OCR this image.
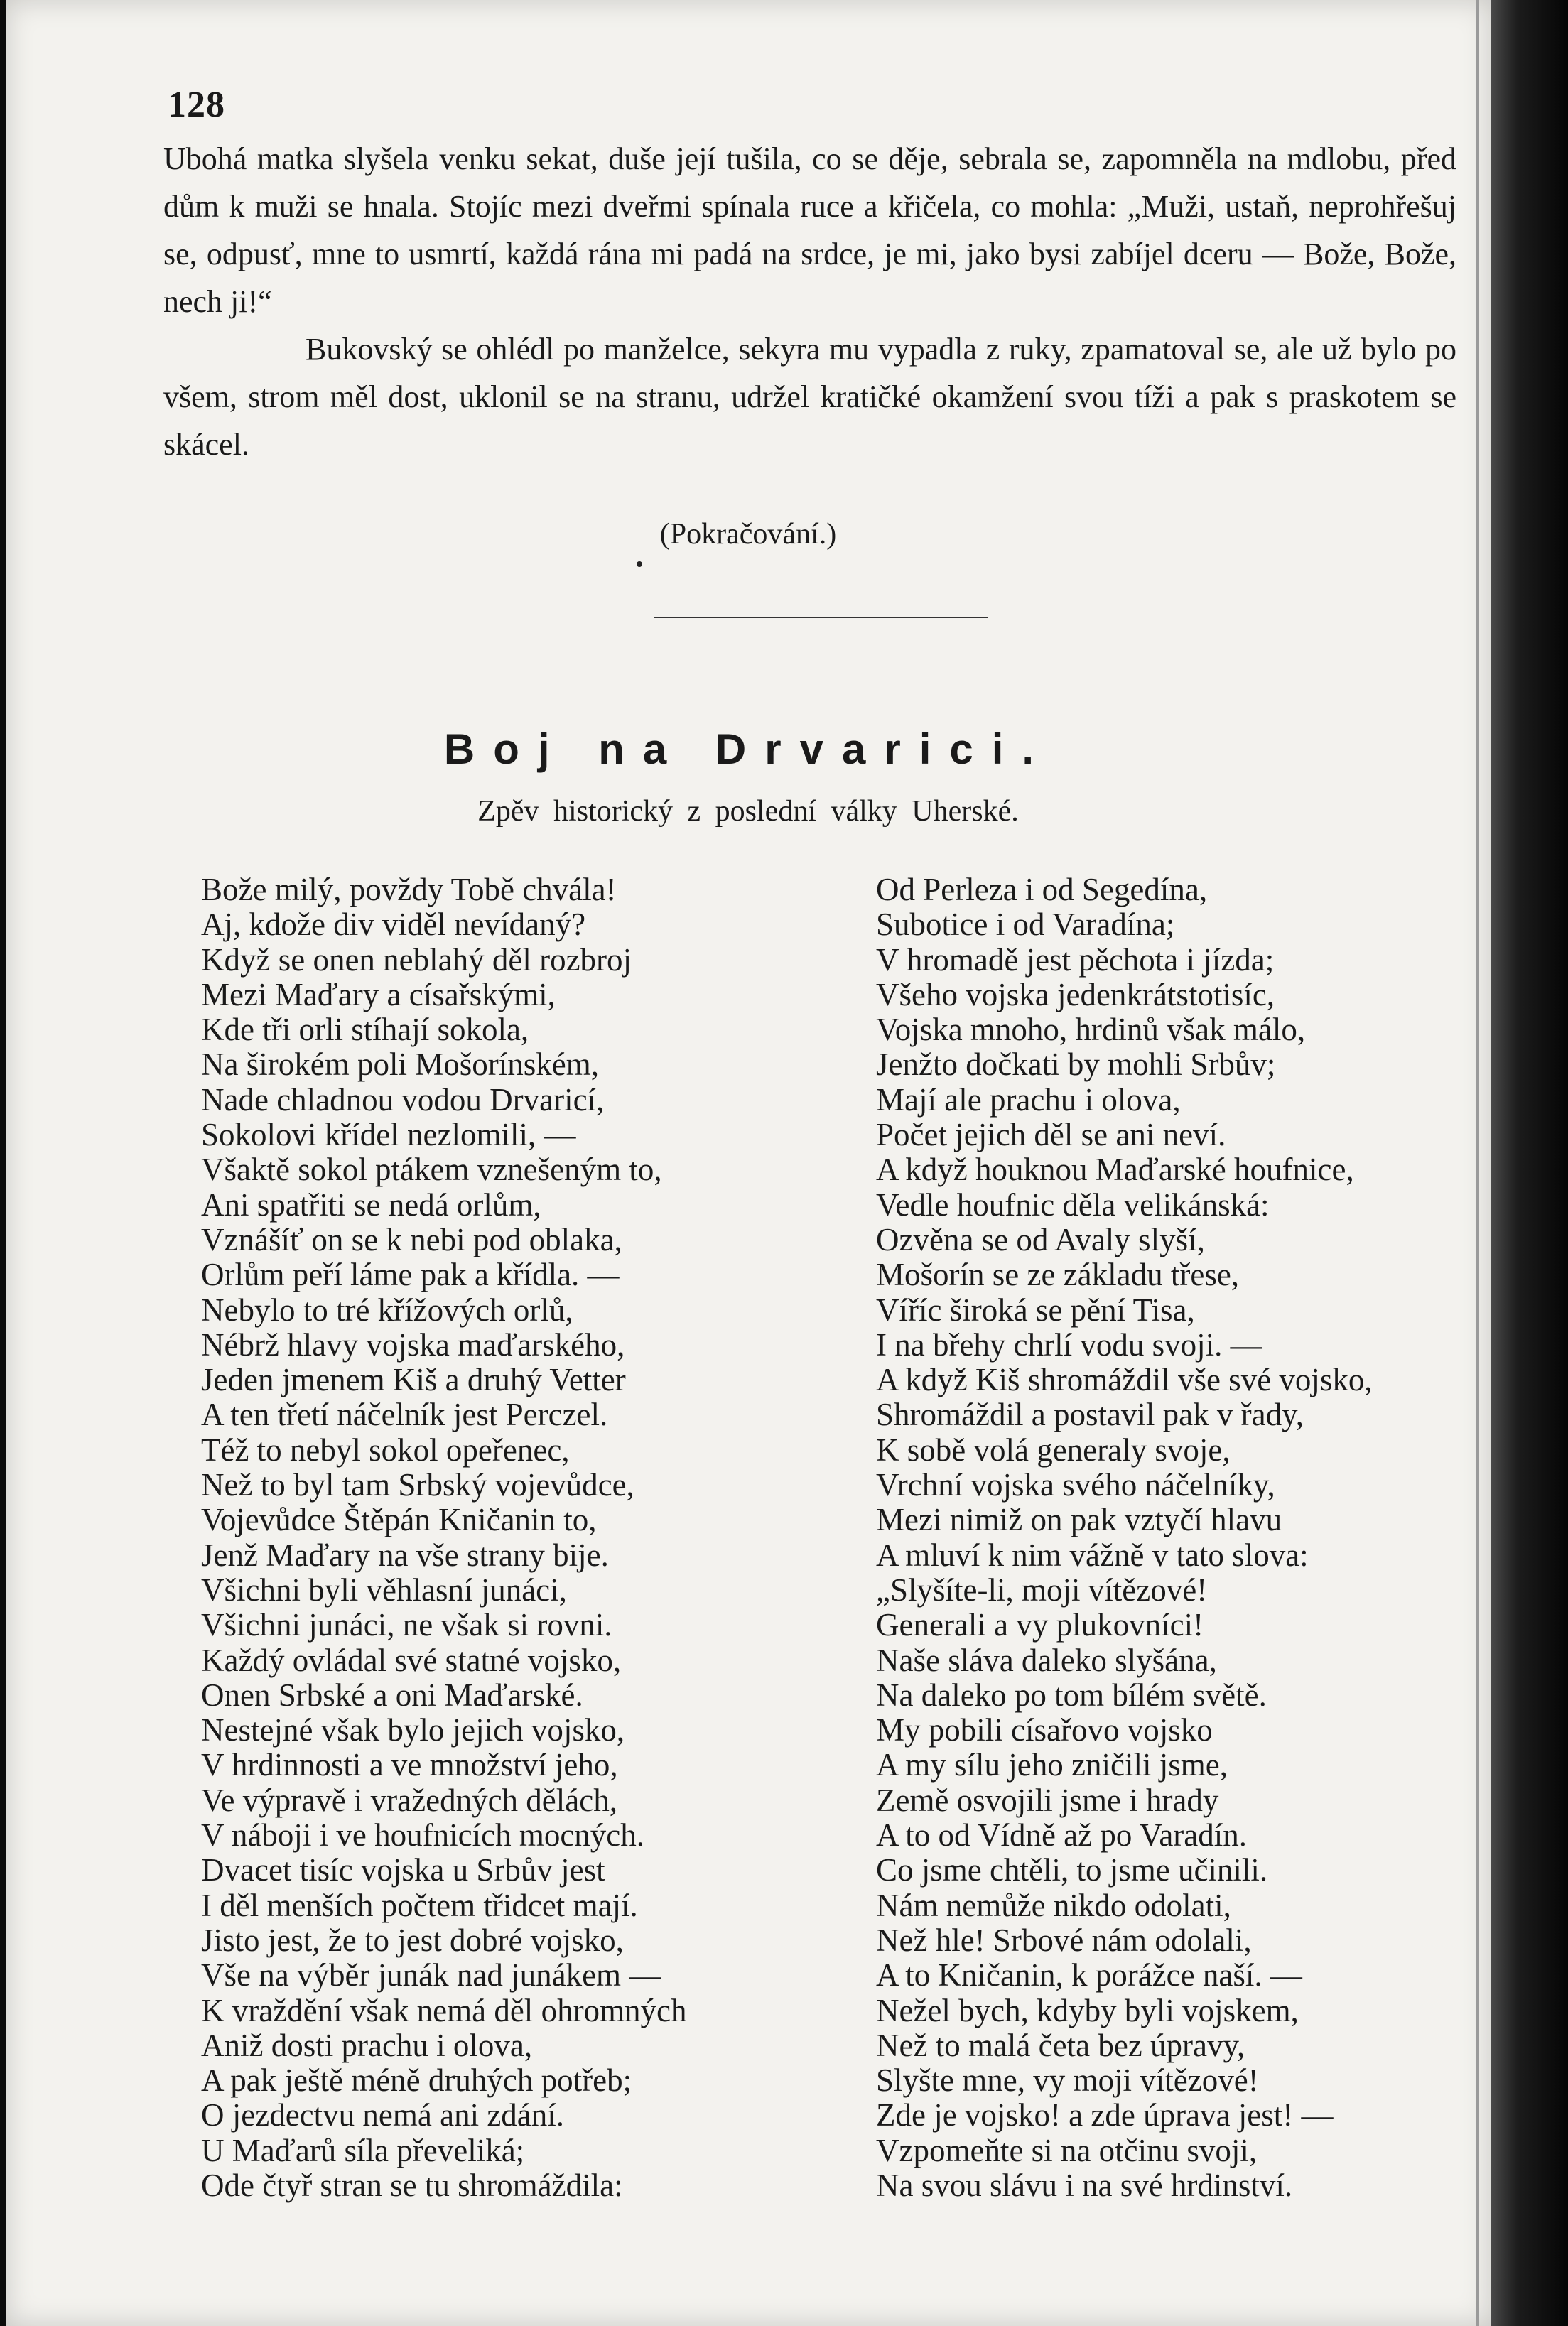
128

Ubohá matka slyšela venku sekat, duše její tušila, co se děje, sebrala se, zapomněla na mdlobu, před dům k muži se hnala. Stojíc mezi dveřmi spínala ruce a křičela, co mohla: „Muži, ustaň, neprohřešuj se, odpusť, mne to usmrtí, každá rána mi padá na srdce, je mi, jako bysi zabíjel dceru — Bože, Bože, nech ji!“

Bukovský se ohlédl po manželce, sekyra mu vypadla z ruky, zpamatoval se, ale už bylo po všem, strom měl dost, uklonil se na stranu, udržel kratičké okamžení svou tíži a pak s praskotem se skácel.

(Pokračování.)
Boj na Drvarici.
Zpěv historický z poslední války Uherské.
Bože milý, povždy Tobě chvála!
Aj, kdože div viděl nevídaný?
Když se onen neblahý děl rozbroj
Mezi Maďary a císařskými,
Kde tři orli stíhají sokola,
Na širokém poli Mošorínském,
Nade chladnou vodou Drvaricí,
Sokolovi křídel nezlomili, —
Všaktě sokol ptákem vznešeným to,
Ani spatřiti se nedá orlům,
Vznášíť on se k nebi pod oblaka,
Orlům peří láme pak a křídla. —
Nebylo to tré křížových orlů,
Nébrž hlavy vojska maďarského,
Jeden jmenem Kiš a druhý Vetter
A ten třetí náčelník jest Perczel.
Též to nebyl sokol opeřenec,
Než to byl tam Srbský vojevůdce,
Vojevůdce Štěpán Kničanin to,
Jenž Maďary na vše strany bije.
Všichni byli věhlasní junáci,
Všichni junáci, ne však si rovni.
Každý ovládal své statné vojsko,
Onen Srbské a oni Maďarské.
Nestejné však bylo jejich vojsko,
V hrdinnosti a ve množství jeho,
Ve výpravě i vražedných dělách,
V náboji i ve houfnicích mocných.
Dvacet tisíc vojska u Srbův jest
I děl menších počtem třidcet mají.
Jisto jest, že to jest dobré vojsko,
Vše na výběr junák nad junákem —
K vraždění však nemá děl ohromných
Aniž dosti prachu i olova,
A pak ještě méně druhých potřeb;
O jezdectvu nemá ani zdání.
U Maďarů síla převeliká;
Ode čtyř stran se tu shromáždila:
Od Perleza i od Segedína,
Subotice i od Varadína;
V hromadě jest pěchota i jízda;
Všeho vojska jedenkrátstotisíc,
Vojska mnoho, hrdinů však málo,
Jenžto dočkati by mohli Srbův;
Mají ale prachu i olova,
Počet jejich děl se ani neví.
A když houknou Maďarské houfnice,
Vedle houfnic děla velikánská:
Ozvěna se od Avaly slyší,
Mošorín se ze základu třese,
Víříc široká se pění Tisa,
I na břehy chrlí vodu svoji. —
A když Kiš shromáždil vše své vojsko,
Shromáždil a postavil pak v řady,
K sobě volá generaly svoje,
Vrchní vojska svého náčelníky,
Mezi nimiž on pak vztyčí hlavu
A mluví k nim vážně v tato slova:
„Slyšíte-li, moji vítězové!
Generali a vy plukovníci!
Naše sláva daleko slyšána,
Na daleko po tom bílém světě.
My pobili císařovo vojsko
A my sílu jeho zničili jsme,
Země osvojili jsme i hrady
A to od Vídně až po Varadín.
Co jsme chtěli, to jsme učinili.
Nám nemůže nikdo odolati,
Než hle! Srbové nám odolali,
A to Kničanin, k porážce naší. —
Nežel bych, kdyby byli vojskem,
Než to malá četa bez úpravy,
Slyšte mne, vy moji vítězové!
Zde je vojsko! a zde úprava jest! —
Vzpomeňte si na otčinu svoji,
Na svou slávu i na své hrdinství.
